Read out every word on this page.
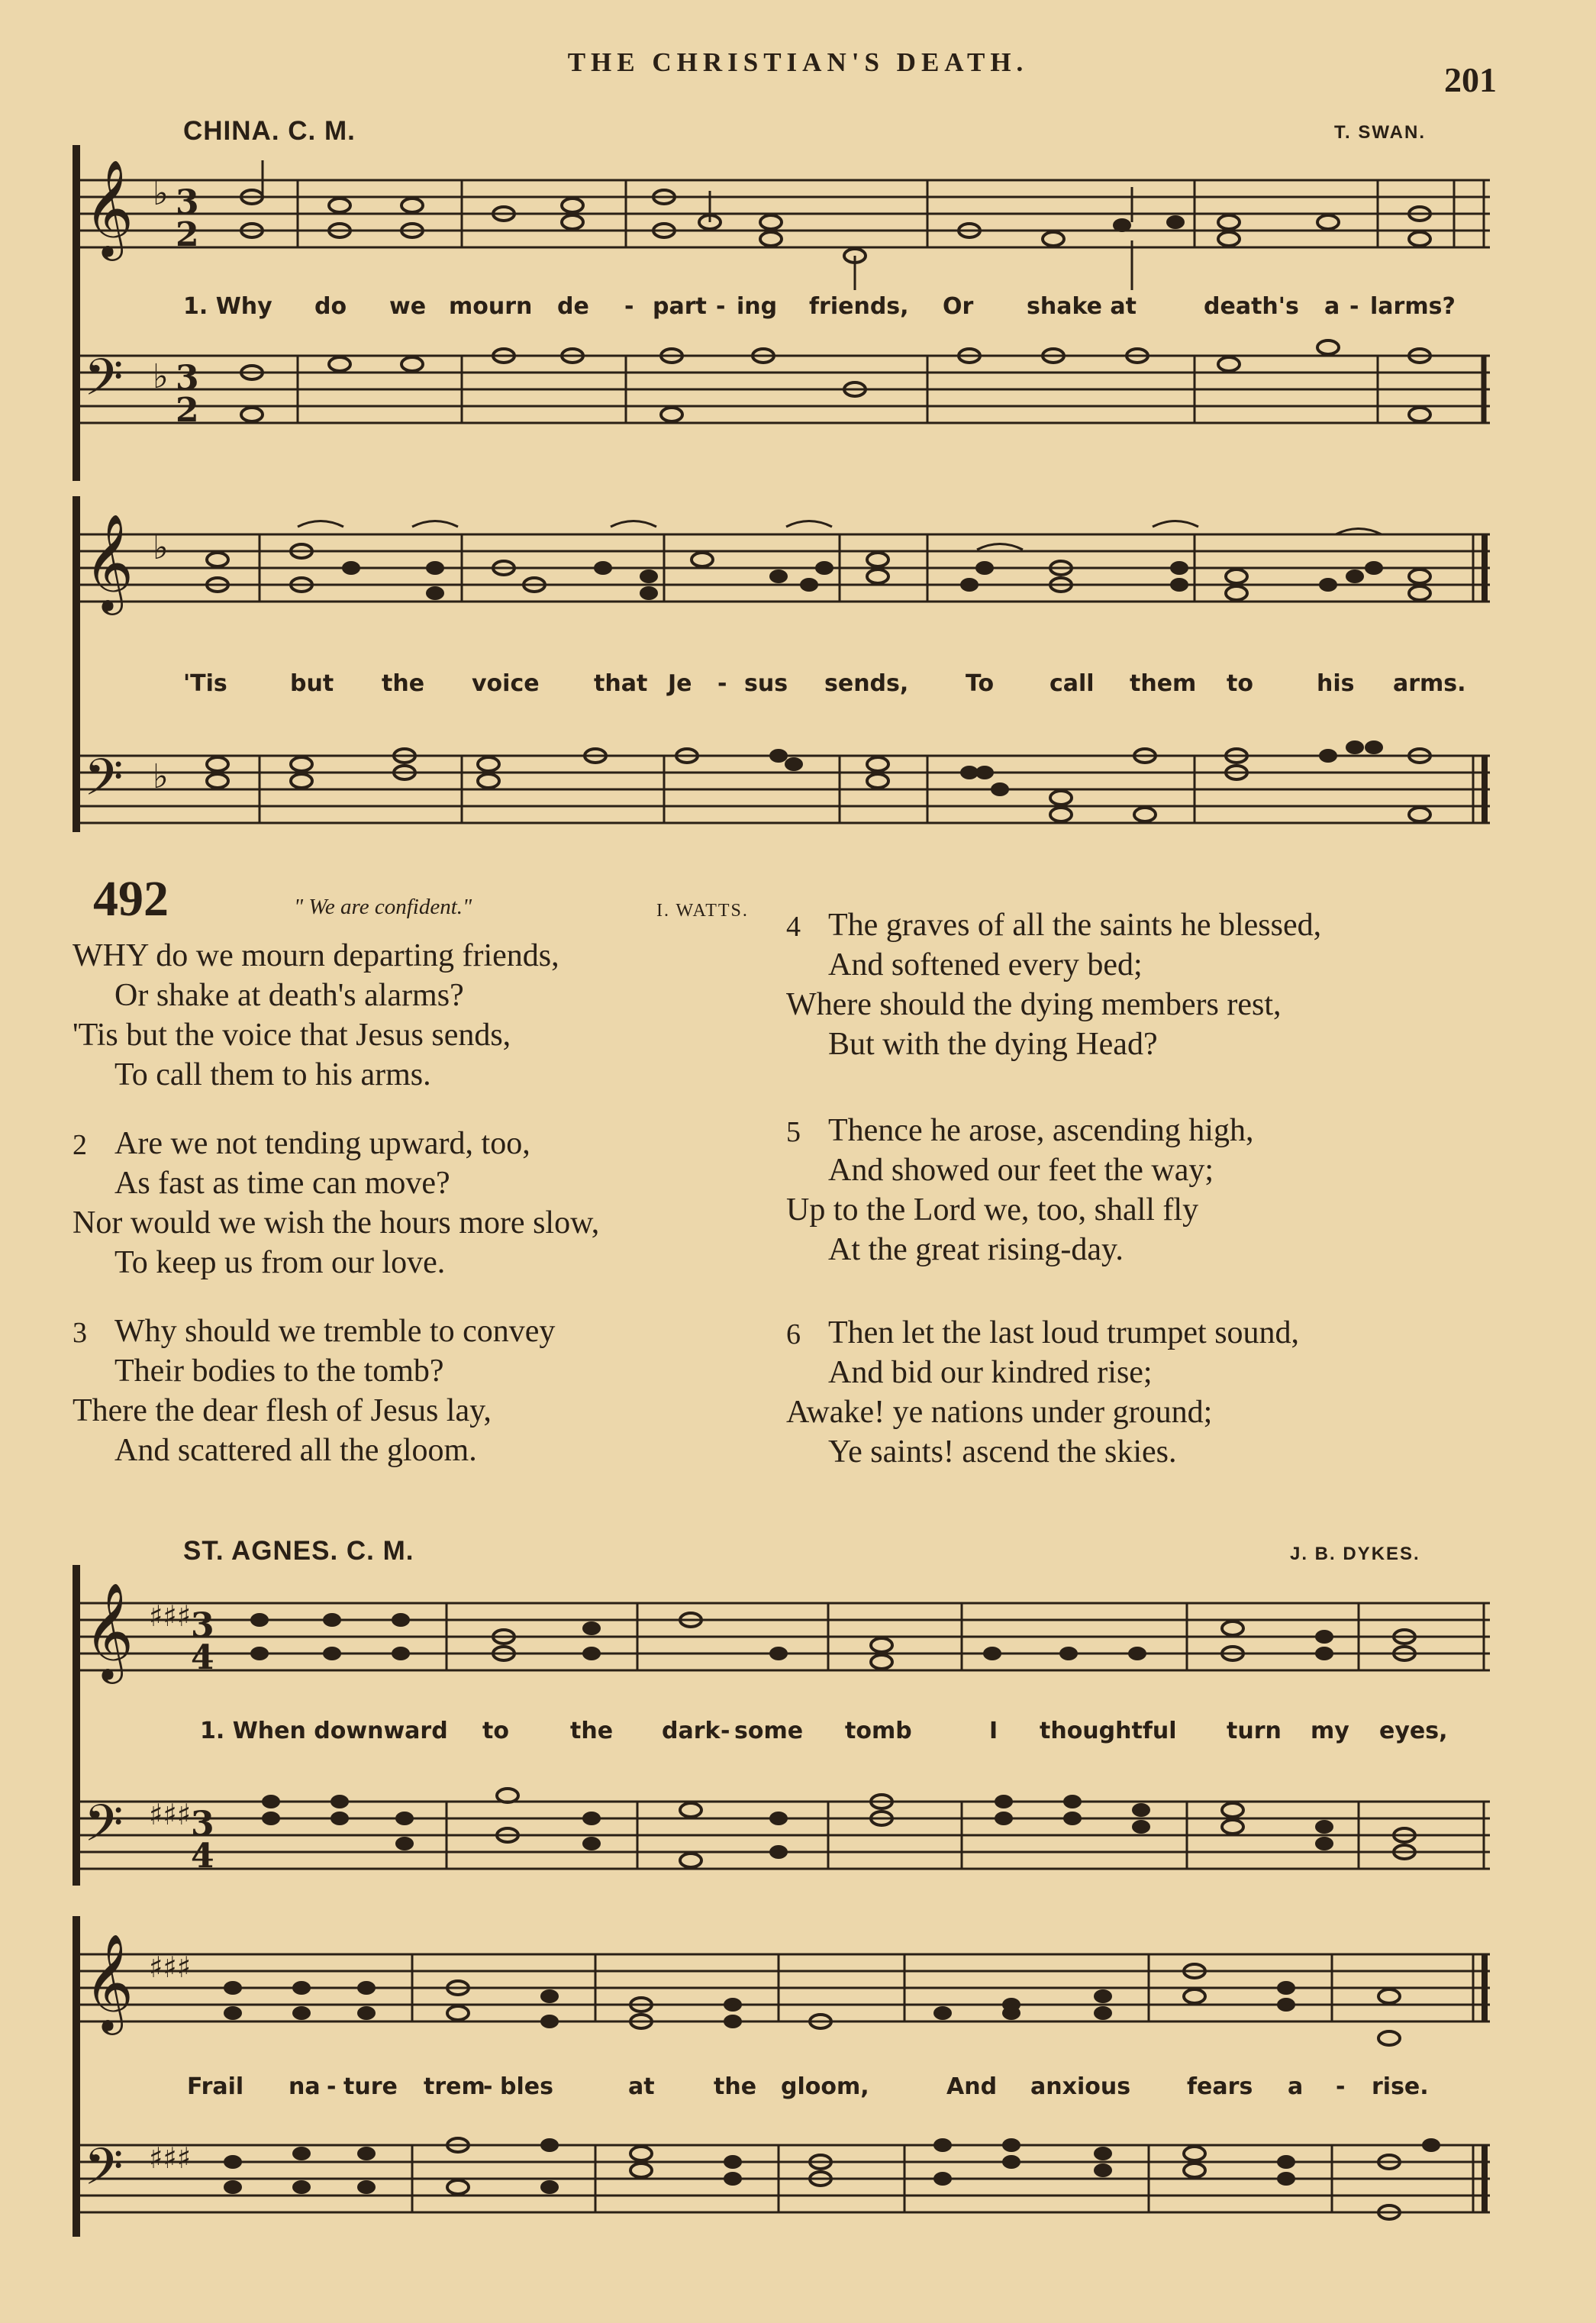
THE CHRISTIAN'S DEATH.	201
CHINA. C. M.	T. SWAN.
𝄞
𝄢
♭
♭
3
2
3
2
1. Why do we mourn de - part - ing friends, Or shake at	death's a - larms?
𝄞
𝄢
♭
♭
'Tis	but the voice that Je - sus sends, To call them to	his arms.
492	" We are confident."	I. WATTS.
WHY do we mourn departing friends,
Or shake at death's alarms?
'Tis but the voice that Jesus sends,
To call them to his arms.
2 Are we not tending upward, too,
As fast as time can move?
Nor would we wish the hours more slow,
To keep us from our love.
3 Why should we tremble to convey
Their bodies to the tomb?
There the dear flesh of Jesus lay,
And scattered all the gloom.
4 The graves of all the saints he blessed,
And softened every bed;
Where should the dying members rest,
But with the dying Head?
5 Thence he arose, ascending high,
And showed our feet the way;
Up to the Lord we, too, shall fly
At the great rising-day.
6 Then let the last loud trumpet sound,
And bid our kindred rise;
Awake! ye nations under ground;
Ye saints! ascend the skies.
ST. AGNES. C. M.	J. B. DYKES.
𝄞
𝄢
♯♯♯
♯♯♯
3
4
3
4
1. When downward to	the dark - some tomb	I thoughtful turn my eyes,
𝄞
𝄢
♯♯♯
♯♯♯
Frail na - ture trem
- bles	at	the gloom,	And anxious fears a - rise.
